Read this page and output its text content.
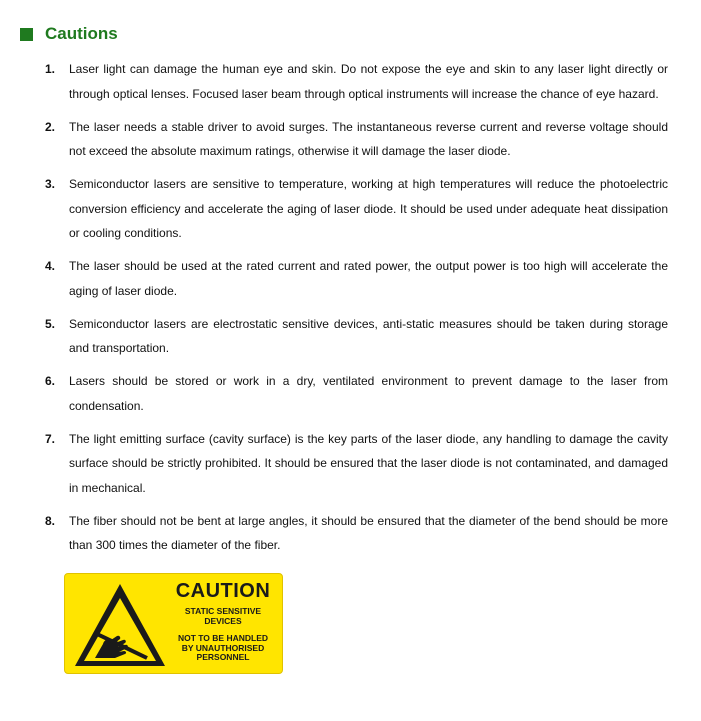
Cautions
1.	Laser light can damage the human eye and skin. Do not expose the eye and skin to any laser light directly or through optical lenses. Focused laser beam through optical instruments will increase the chance of eye hazard.
2.	The laser needs a stable driver to avoid surges. The instantaneous reverse current and reverse voltage should not exceed the absolute maximum ratings, otherwise it will damage the laser diode.
3.	Semiconductor lasers are sensitive to temperature, working at high temperatures will reduce the photoelectric conversion efficiency and accelerate the aging of laser diode. It should be used under adequate heat dissipation or cooling conditions.
4.	The laser should be used at the rated current and rated power, the output power is too high will accelerate the aging of laser diode.
5.	Semiconductor lasers are electrostatic sensitive devices, anti-static measures should be taken during storage and transportation.
6.	Lasers should be stored or work in a dry, ventilated environment to prevent damage to the laser from condensation.
7.	The light emitting surface (cavity surface) is the key parts of the laser diode, any handling to damage the cavity surface should be strictly prohibited. It should be ensured that the laser diode is not contaminated, and damaged in mechanical.
8.	The fiber should not be bent at large angles, it should be ensured that the diameter of the bend should be more than 300 times the diameter of the fiber.
CAUTION
STATIC SENSITIVE
DEVICES
NOT TO BE HANDLED
BY UNAUTHORISED
PERSONNEL
